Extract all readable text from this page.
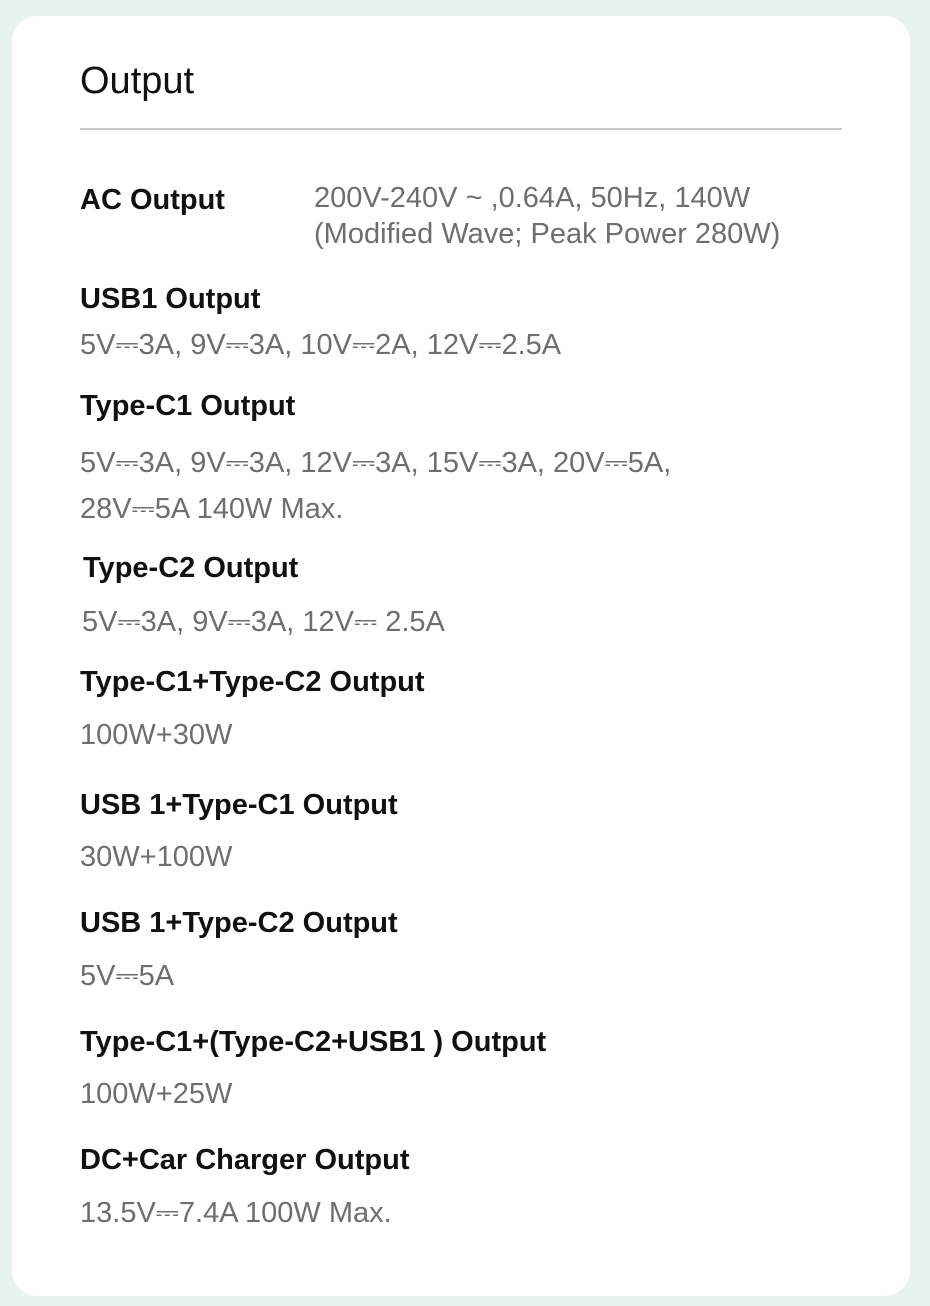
Output
AC Output	200V-240V ~ ,0.64A, 50Hz, 140W
(Modified Wave; Peak Power 280W)
USB1 Output
5V⎓3A, 9V⎓3A, 10V⎓2A, 12V⎓2.5A
Type-C1 Output
5V⎓3A, 9V⎓3A, 12V⎓3A, 15V⎓3A, 20V⎓5A,
28V⎓5A 140W Max.
Type-C2 Output
5V⎓3A, 9V⎓3A, 12V⎓ 2.5A
Type-C1+Type-C2 Output
100W+30W
USB 1+Type-C1 Output
30W+100W
USB 1+Type-C2 Output
5V⎓5A
Type-C1+(Type-C2+USB1 ) Output
100W+25W
DC+Car Charger Output
13.5V⎓7.4A 100W Max.
